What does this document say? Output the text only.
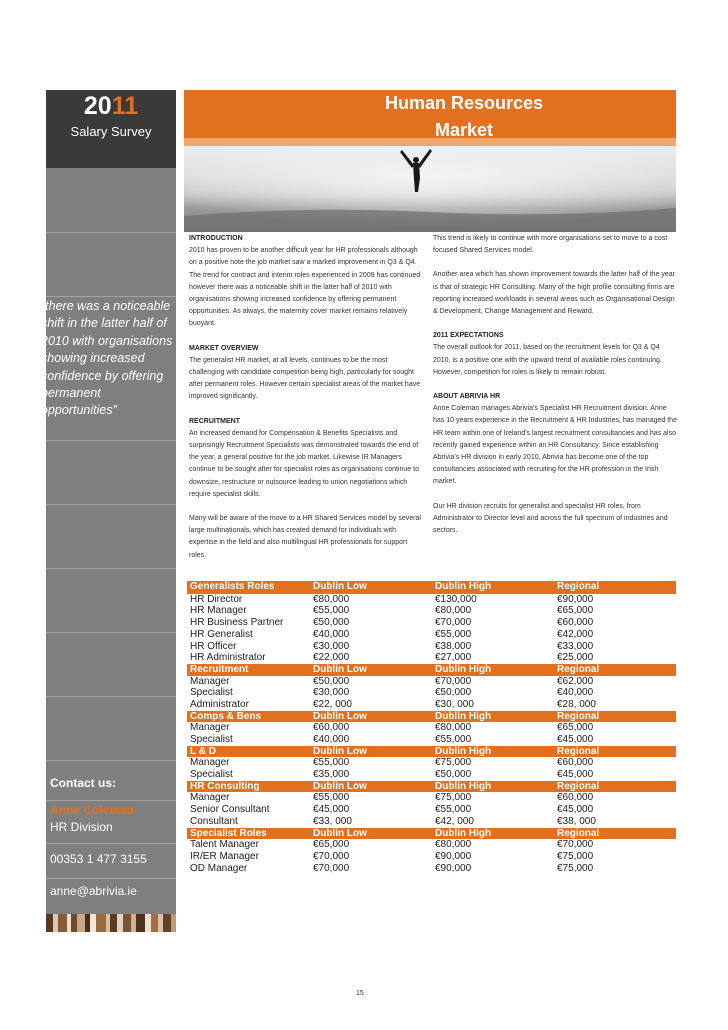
2011
Salary Survey
Human Resources
Market
“there was a noticeable shift in the latter half of 2010 with organisations showing increased confidence by offering permanent opportunities”
Contact us:
Anne Coleman
HR Division
00353 1 477 3155
anne@abrivia.ie

INTRODUCTION

2010 has proven to be another difficult year for HR professionals although on a positive note the job market saw a marked improvement in Q3 & Q4. The trend for contract and interim roles experienced in 2009 has continued however there was a noticeable shift in the latter half of 2010 with organisations showing increased confidence by offering permanent opportunities. As always, the maternity cover market remains relatively buoyant.

MARKET OVERVIEW

The generalist HR market, at all levels, continues to be the most challenging with candidate competition being high, particularly for sought after permanent roles. However certain specialist areas of the market have improved significantly.

RECRUITMENT

An increased demand for Compensation & Benefits Specialists and surprisingly Recruitment Specialists was demonstrated towards the end of the year, a general positive for the job market. Likewise IR Managers continue to be sought after for specialist roles as organisations continue to downsize, restructure or outsource leading to union negotiations which require specialist skills.

Many will be aware of the move to a HR Shared Services model by several large multinationals, which has created demand for individuals with expertise in the field and also multilingual HR professionals for support roles.

This trend is likely to continue with more organisations set to move to a cost focused Shared Services model.

Another area which has shown improvement towards the latter half of the year is that of strategic HR Consulting. Many of the high profile consulting firms are reporting increased workloads in several areas such as Organisational Design & Development, Change Management and Reward.

2011 EXPECTATIONS

The overall outlook for 2011, based on the recruitment levels for Q3 & Q4 2010, is a positive one with the upward trend of available roles continuing. However, competition for roles is likely to remain robust.

ABOUT ABRIVIA HR

Anne Coleman manages Abrivia's Specialist HR Recruitment division. Anne has 10 years experience in the Recruitment & HR Industries, has managed the HR team within one of Ireland's largest recruitment consultancies and has also recently gained experience within an HR Consultancy. Since establishing Abrivia's HR division in early 2010, Abrivia has become one of the top consultancies associated with recruiting for the HR profession in the Irish market.

Our HR division recruits for generalist and specialist HR roles, from Administrator to Director level and across the full spectrum of industries and sectors.

Generalists Roles	Dublin Low	Dublin High	Regional
HR Director	€80,000	€130,000	€90,000
HR Manager	€55,000	€80,000	€65,000
HR Business Partner	€50,000	€70,000	€60,000
HR Generalist	€40,000	€55,000	€42,000
HR Officer	€30,000	€38,000	€33,000
HR Administrator	€22,000	€27,000	€25,000
Recruitment	Dublin Low	Dublin High	Regional
Manager	€50,000	€70,000	€62,000
Specialist	€30,000	€50,000	€40,000
Administrator	€22, 000	€30, 000	€28, 000
Comps & Bens	Dublin Low	Dublin High	Regional
Manager	€60,000	€80,000	€65,000
Specialist	€40,000	€55,000	€45,000
L & D	Dublin Low	Dublin High	Regional
Manager	€55,000	€75,000	€60,000
Specialist	€35,000	€50,000	€45,000
HR Consulting	Dublin Low	Dublin High	Regional
Manager	€55,000	€75,000	€60,000
Senior Consultant	€45,000	€55,000	€45,000
Consultant	€33, 000	€42, 000	€38, 000
Specialist Roles	Dublin Low	Dublin High	Regional
Talent Manager	€65,000	€80,000	€70,000
IR/ER Manager	€70,000	€90,000	€75,000
OD Manager	€70,000	€90,000	€75,000
15
